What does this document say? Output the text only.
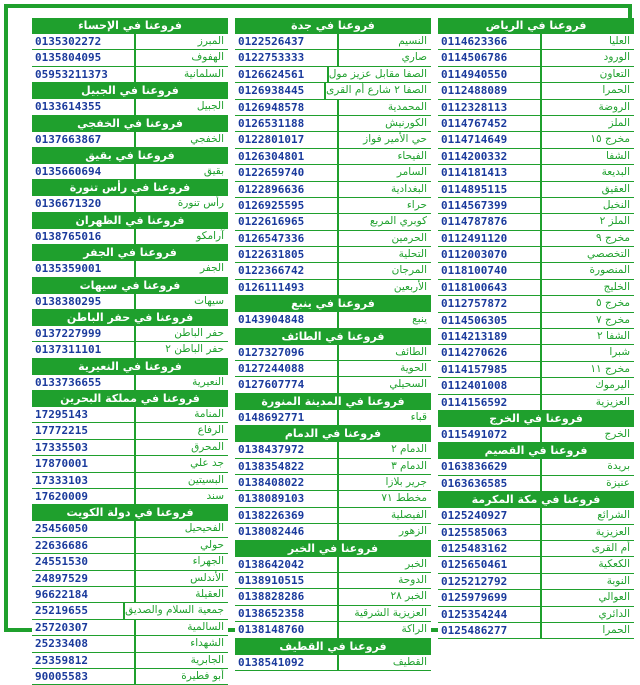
فروعنا في الرياض
0114623366	العليا
0114506786	الورود
0114940550	التعاون
0112488089	الحمرا
0112328113	الروضة
0114767452	الملز
0114714649	مخرج ١٥
0114200332	الشفا
0114181413	البديعة
0114895115	العقيق
0114567399	النخيل
0114787876	الملز ٢
0112491120	مخرج ٩
0112003070	التخصصي
0118100740	المنصورة
0118100643	الخليج
0112757872	مخرج ٥
0114506305	مخرج ٧
0114213189	الشفا ٢
0114270626	شبرا
0114157985	مخرج ١١
0112401008	اليرموك
0114156592	العزيزية
فروعنا في الخرج
0115491072	الخرج
فروعنا في القصيم
0163836629	بريدة
0163636585	عنيزة
فروعنا في مكة المكرمة
0125240927	الشرائع
0125585063	العزيزية
0125483162	أم القرى
0125650461	الكعكية
0125212792	النوبة
0125979699	العوالي
0125354244	الدائري
0125486277	الحمرا
فروعنا في جدة
0122526437	النسيم
0122753333	صاري
0126624561	الصفا مقابل عزيز مول
0126938445	الصفا ٢ شارع أم القرى
0126948578	المحمدية
0126531188	الكورنيش
0122801017	حي الأمير فواز
0126304801	الفيحاء
0122659740	السامر
0122896636	البغدادية
0126925595	حراء
0122616965	كوبري المربع
0126547336	الحرمين
0122631805	التحلية
0122366742	المرجان
0126111493	الأربعين
فروعنا في ينبع
0143904848	ينبع
فروعنا في الطائف
0127327096	الطائف
0127244088	الحوية
0127607774	السحيلي
فروعنا في المدينة المنورة
0148692771	قباء
فروعنا في الدمام
0138437972	الدمام ٢
0138354822	الدمام ٣
0138408022	جرير بلازا
0138089103	مخطط ٧١
0138226369	الفيصلية
0138082446	الزهور
فروعنا في الخبر
0138642042	الخبر
0138910515	الدوحة
0138828286	الخبر ٢٨
0138652358	العزيزية الشرقية
0138148760	الراكة
فروعنا في القطيف
0138541092	القطيف
فروعنا في الإحساء
0135302272	المبرز
0135804095	الهفوف
05953211373	السلمانية
فروعنا في الجبيل
0133614355	الجبيل
فروعنا في الخفجي
0137663867	الخفجي
فروعنا في بقيق
0135660694	بقيق
فروعنا في رأس تنورة
0136671320	رأس تنورة
فروعنا في الظهران
0138765016	آرامكو
فروعنا في الجفر
0135359001	الجفر
فروعنا في سيهات
0138380295	سيهات
فروعنا في حفر الباطن
0137227999	حفر الباطن
0137311101	حفر الباطن ٢
فروعنا في النعيرية
0133736655	النعيرية
فروعنا في مملكة البحرين
17295143	المنامة
17772215	الرفاع
17335503	المحرق
17870001	جد علي
17333103	البسيتين
17620009	سند
فروعنا في دولة الكويت
25456050	الفحيحيل
22636686	حولي
24551530	الجهراء
24897529	الأندلس
96622184	العقيلة
25219655	جمعية السلام والصديق
25720307	السالمية
25233408	الشهداء
25359812	الجابرية
90005583	أبو فطيرة
